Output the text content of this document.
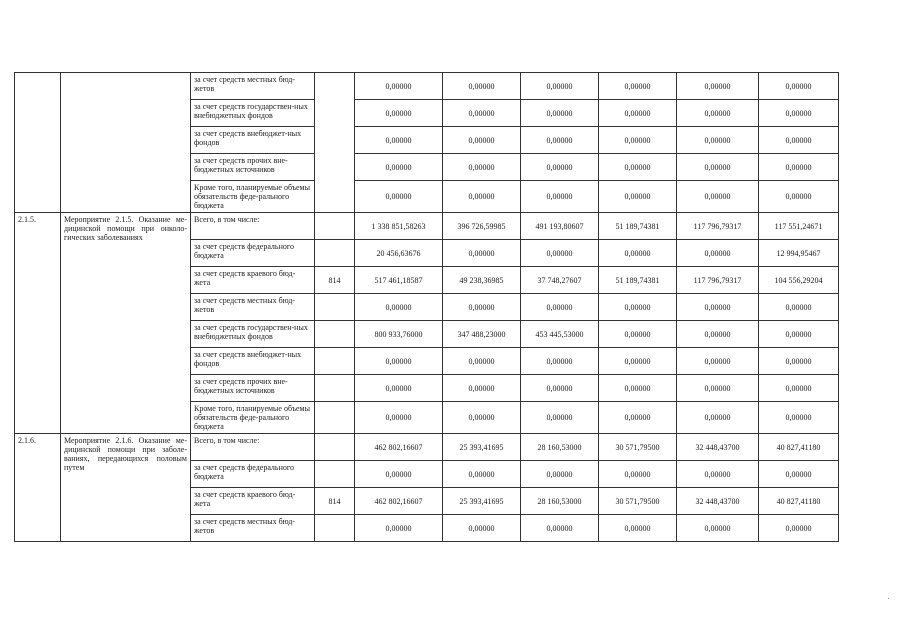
		за счет средств местных бюд-жетов		0,00000	0,00000	0,00000	0,00000	0,00000	0,00000
		за счет средств государствен-ных внебюджетных фондов		0,00000	0,00000	0,00000	0,00000	0,00000	0,00000
		за счет средств внебюджет-ных фондов		0,00000	0,00000	0,00000	0,00000	0,00000	0,00000
		за счет средств прочих вне-бюджетных источников		0,00000	0,00000	0,00000	0,00000	0,00000	0,00000
		Кроме того, планируемые объемы обязательств феде-рального бюджета		0,00000	0,00000	0,00000	0,00000	0,00000	0,00000
2.1.5.	Мероприятие 2.1.5. Оказание ме-дицинской помощи при онколо-гических заболеваниях	Всего, в том числе:		1 338 851,58263	396 726,59985	491 193,80607	51 189,74381	117 796,79317	117 551,24671
		за счет средств федерального бюджета		20 456,63676	0,00000	0,00000	0,00000	0,00000	12 994,95467
		за счет средств краевого бюд-жета	814	517 461,18587	49 238,36985	37 748,27607	51 189,74381	117 796,79317	104 556,29204
		за счет средств местных бюд-жетов		0,00000	0,00000	0,00000	0,00000	0,00000	0,00000
		за счет средств государствен-ных внебюджетных фондов		800 933,76000	347 488,23000	453 445,53000	0,00000	0,00000	0,00000
		за счет средств внебюджет-ных фондов		0,00000	0,00000	0,00000	0,00000	0,00000	0,00000
		за счет средств прочих вне-бюджетных источников		0,00000	0,00000	0,00000	0,00000	0,00000	0,00000
		Кроме того, планируемые объемы обязательств феде-рального бюджета		0,00000	0,00000	0,00000	0,00000	0,00000	0,00000
2.1.6.	Мероприятие 2.1.6. Оказание ме-дицинской помощи при заболе-ваниях, передающихся половым путем	Всего, в том числе:		462 802,16607	25 393,41695	28 160,53000	30 571,79500	32 448,43700	40 827,41180
		за счет средств федерального бюджета		0,00000	0,00000	0,00000	0,00000	0,00000	0,00000
		за счет средств краевого бюд-жета	814	462 802,16607	25 393,41695	28 160,53000	30 571,79500	32 448,43700	40 827,41180
		за счет средств местных бюд-жетов		0,00000	0,00000	0,00000	0,00000	0,00000	0,00000
